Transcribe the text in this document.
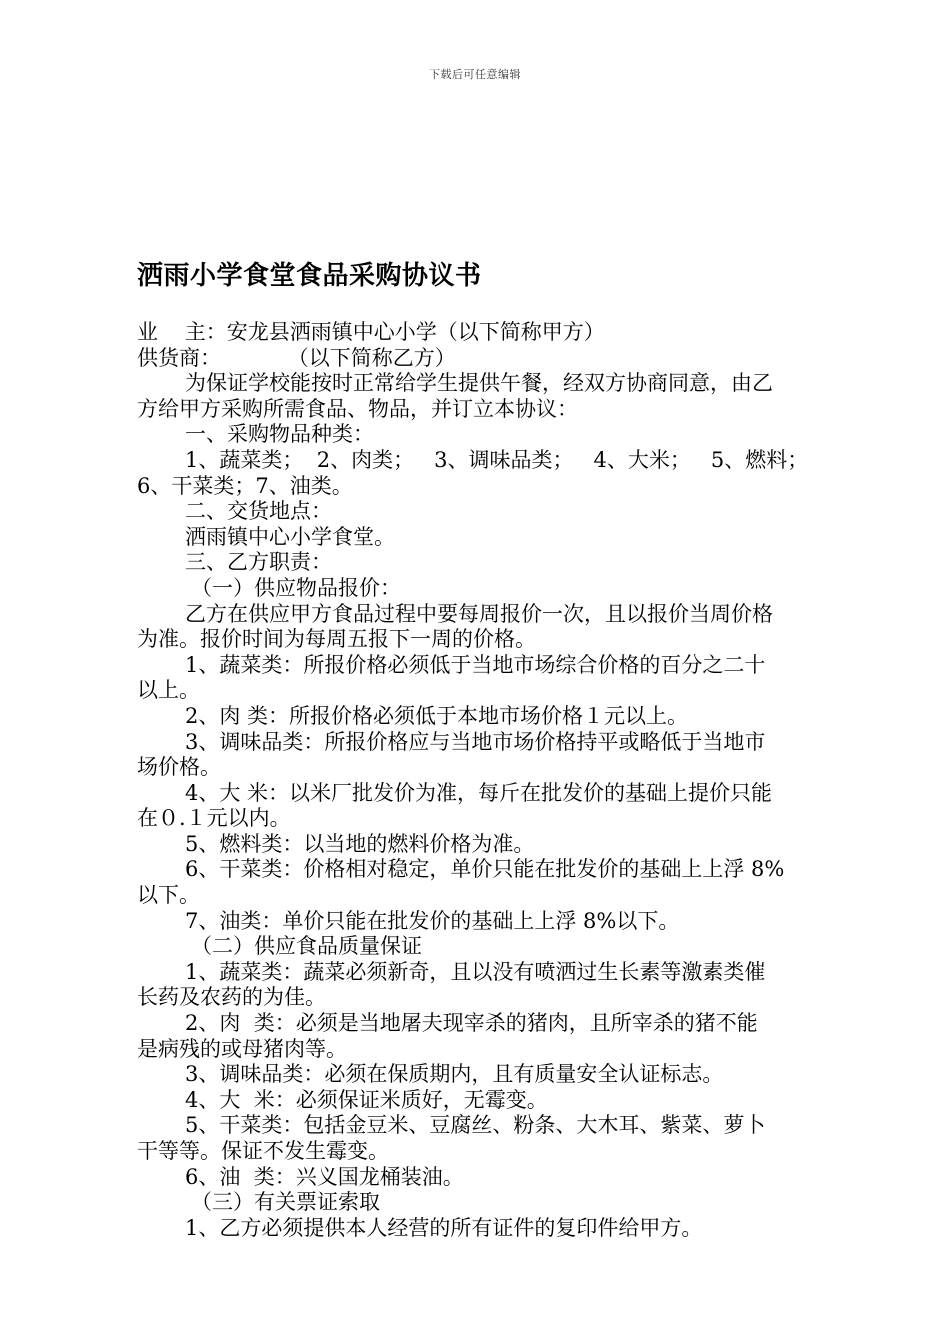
下载后可任意编辑
洒雨小学食堂食品采购协议书

业    主：安龙县洒雨镇中心小学（以下简称甲方）

供货商：          （以下简称乙方）

为保证学校能按时正常给学生提供午餐，经双方协商同意，由乙

方给甲方采购所需食品、物品，并订立本协议：

一、采购物品种类：

1、蔬菜类；  2、肉类；   3、调味品类；   4、大米；   5、燃料；

6、干菜类；7、油类。

二、交货地点：

洒雨镇中心小学食堂。

三、乙方职责：

（一）供应物品报价：

乙方在供应甲方食品过程中要每周报价一次，且以报价当周价格

为准。报价时间为每周五报下一周的价格。

1、蔬菜类：所报价格必须低于当地市场综合价格的百分之二十

以上。

2、肉 类：所报价格必须低于本地市场价格１元以上。

3、调味品类：所报价格应与当地市场价格持平或略低于当地市

场价格。

4、大 米：以米厂批发价为准，每斤在批发价的基础上提价只能

在０.１元以内。

5、燃料类：以当地的燃料价格为准。

6、干菜类：价格相对稳定，单价只能在批发价的基础上上浮 8%

以下。

7、油类：单价只能在批发价的基础上上浮 8%以下。

（二）供应食品质量保证

1、蔬菜类：蔬菜必须新奇，且以没有喷洒过生长素等激素类催

长药及农药的为佳。

2、肉  类：必须是当地屠夫现宰杀的猪肉，且所宰杀的猪不能

是病残的或母猪肉等。

3、调味品类：必须在保质期内，且有质量安全认证标志。

4、大  米：必须保证米质好，无霉变。

5、干菜类：包括金豆米、豆腐丝、粉条、大木耳、紫菜、萝卜

干等等。保证不发生霉变。

6、油  类：兴义国龙桶装油。

（三）有关票证索取

1、乙方必须提供本人经营的所有证件的复印件给甲方。
